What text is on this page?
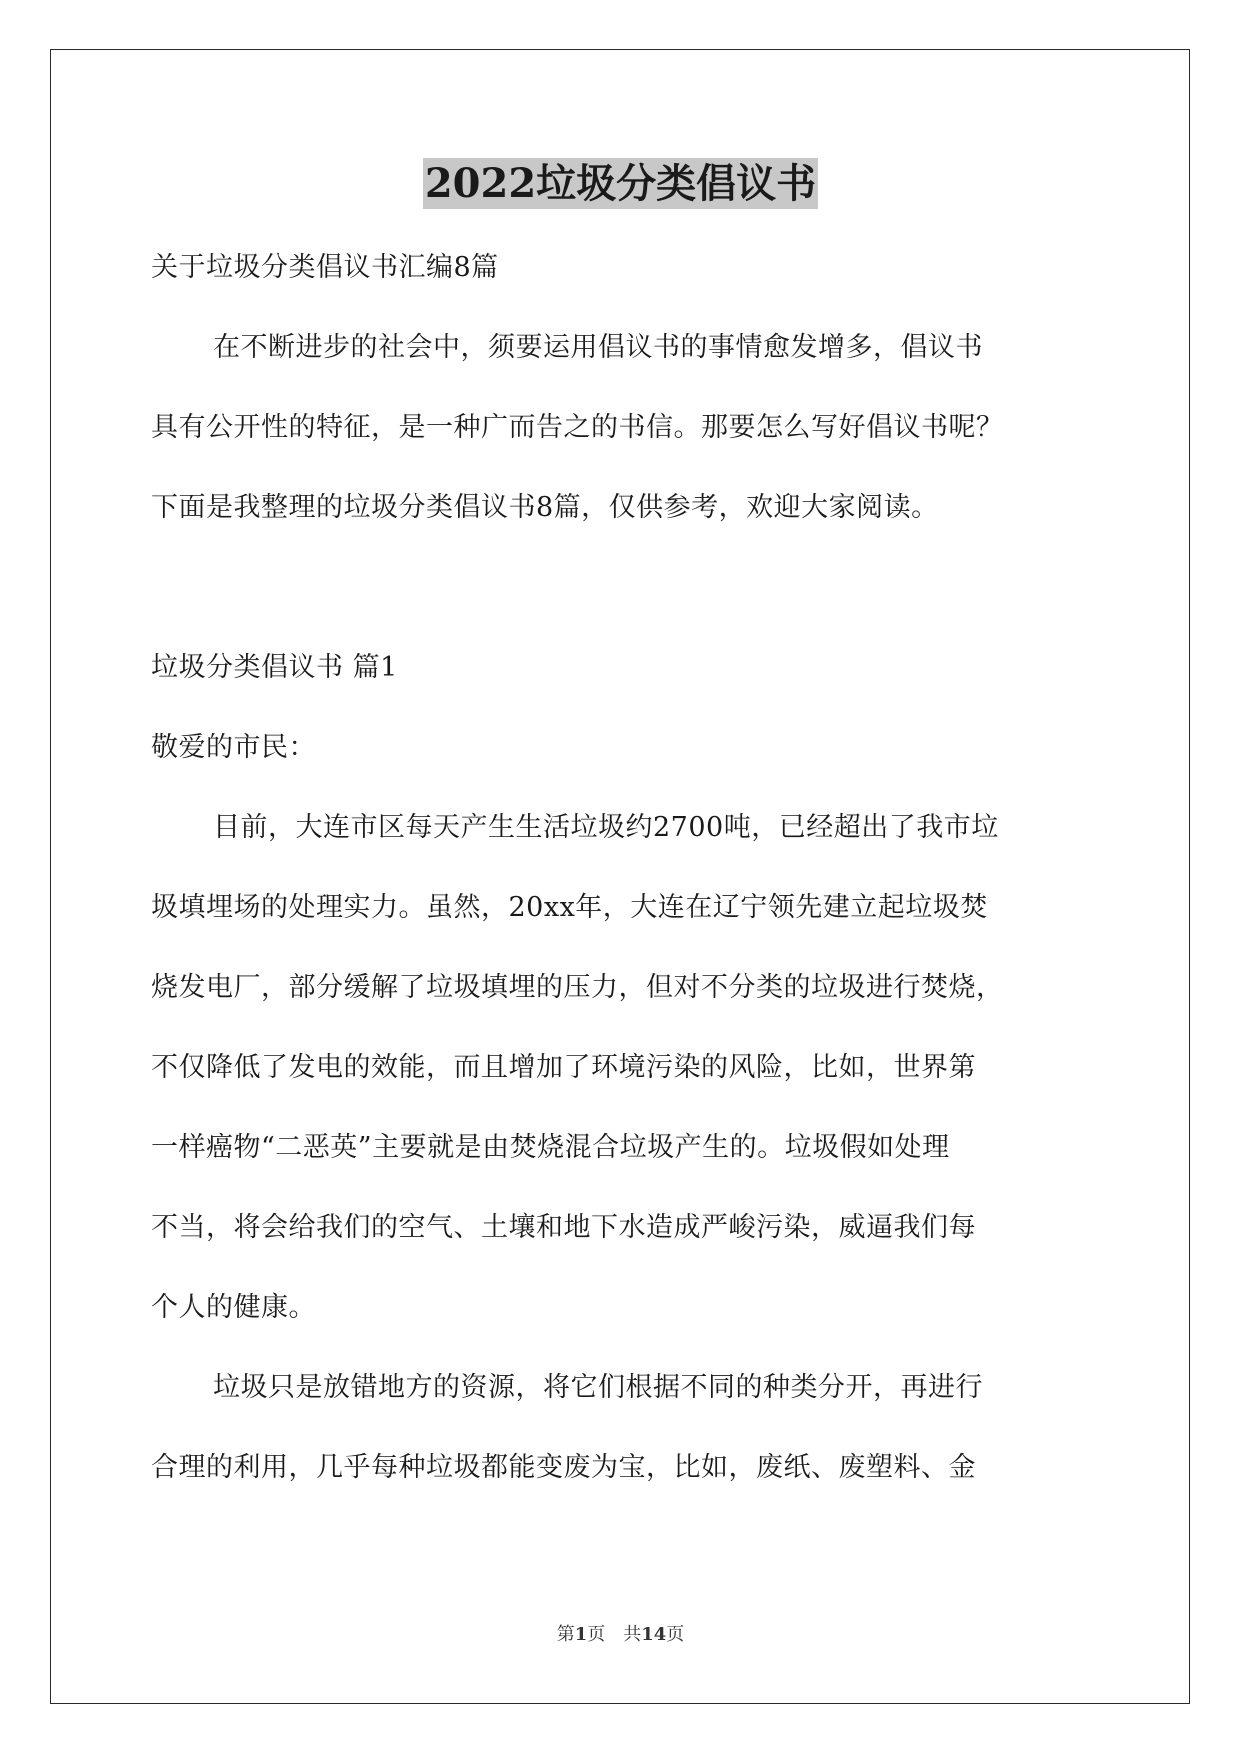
2022垃圾分类倡议书
关于垃圾分类倡议书汇编8篇
在不断进步的社会中，须要运用倡议书的事情愈发增多，倡议书
具有公开性的特征，是一种广而告之的书信。那要怎么写好倡议书呢？
下面是我整理的垃圾分类倡议书8篇，仅供参考，欢迎大家阅读。
垃圾分类倡议书 篇1
敬爱的市民：
目前，大连市区每天产生生活垃圾约2700吨，已经超出了我市垃
圾填埋场的处理实力。虽然，20xx年，大连在辽宁领先建立起垃圾焚
烧发电厂，部分缓解了垃圾填埋的压力，但对不分类的垃圾进行焚烧，
不仅降低了发电的效能，而且增加了环境污染的风险，比如，世界第
一样癌物“二恶英”主要就是由焚烧混合垃圾产生的。垃圾假如处理
不当，将会给我们的空气、土壤和地下水造成严峻污染，威逼我们每
个人的健康。
垃圾只是放错地方的资源，将它们根据不同的种类分开，再进行
合理的利用，几乎每种垃圾都能变废为宝，比如，废纸、废塑料、金
第1页 共14页
